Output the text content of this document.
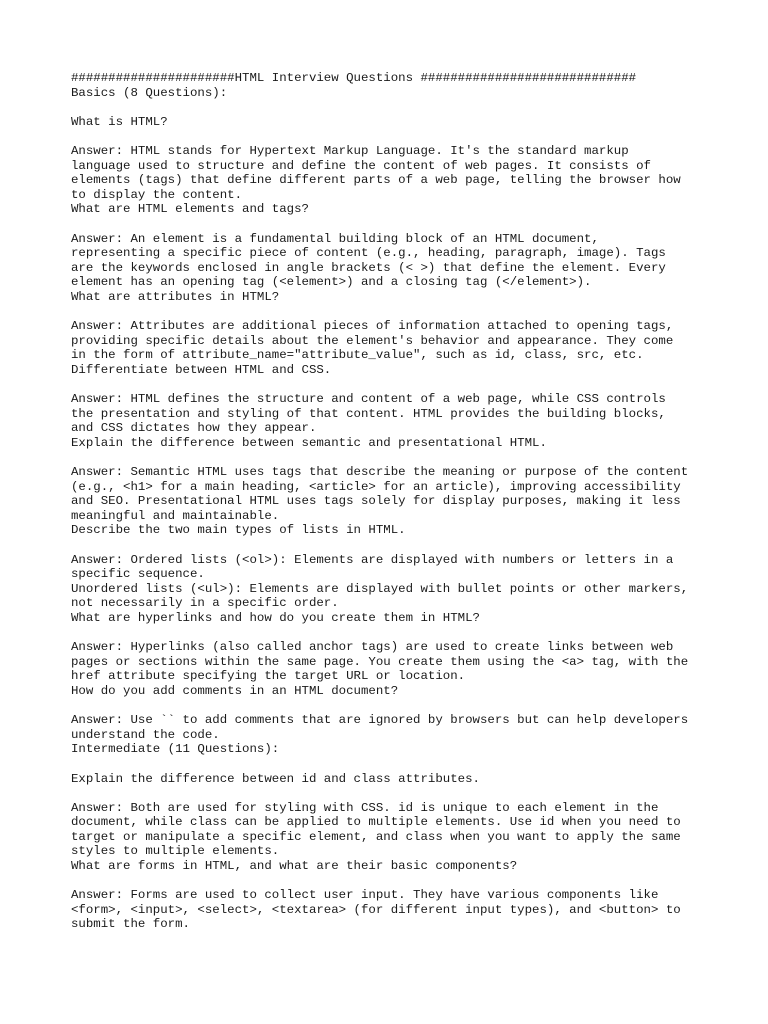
######################HTML Interview Questions #############################
Basics (8 Questions):
What is HTML?
Answer: HTML stands for Hypertext Markup Language. It's the standard markup
language used to structure and define the content of web pages. It consists of
elements (tags) that define different parts of a web page, telling the browser how
to display the content.
What are HTML elements and tags?
Answer: An element is a fundamental building block of an HTML document,
representing a specific piece of content (e.g., heading, paragraph, image). Tags
are the keywords enclosed in angle brackets (< >) that define the element. Every
element has an opening tag (<element>) and a closing tag (</element>).
What are attributes in HTML?
Answer: Attributes are additional pieces of information attached to opening tags,
providing specific details about the element's behavior and appearance. They come
in the form of attribute_name="attribute_value", such as id, class, src, etc.
Differentiate between HTML and CSS.
Answer: HTML defines the structure and content of a web page, while CSS controls
the presentation and styling of that content. HTML provides the building blocks,
and CSS dictates how they appear.
Explain the difference between semantic and presentational HTML.
Answer: Semantic HTML uses tags that describe the meaning or purpose of the content
(e.g., <h1> for a main heading, <article> for an article), improving accessibility
and SEO. Presentational HTML uses tags solely for display purposes, making it less
meaningful and maintainable.
Describe the two main types of lists in HTML.
Answer: Ordered lists (<ol>): Elements are displayed with numbers or letters in a
specific sequence.
Unordered lists (<ul>): Elements are displayed with bullet points or other markers,
not necessarily in a specific order.
What are hyperlinks and how do you create them in HTML?
Answer: Hyperlinks (also called anchor tags) are used to create links between web
pages or sections within the same page. You create them using the <a> tag, with the
href attribute specifying the target URL or location.
How do you add comments in an HTML document?
Answer: Use `` to add comments that are ignored by browsers but can help developers
understand the code.
Intermediate (11 Questions):
Explain the difference between id and class attributes.
Answer: Both are used for styling with CSS. id is unique to each element in the
document, while class can be applied to multiple elements. Use id when you need to
target or manipulate a specific element, and class when you want to apply the same
styles to multiple elements.
What are forms in HTML, and what are their basic components?
Answer: Forms are used to collect user input. They have various components like
<form>, <input>, <select>, <textarea> (for different input types), and <button> to
submit the form.
